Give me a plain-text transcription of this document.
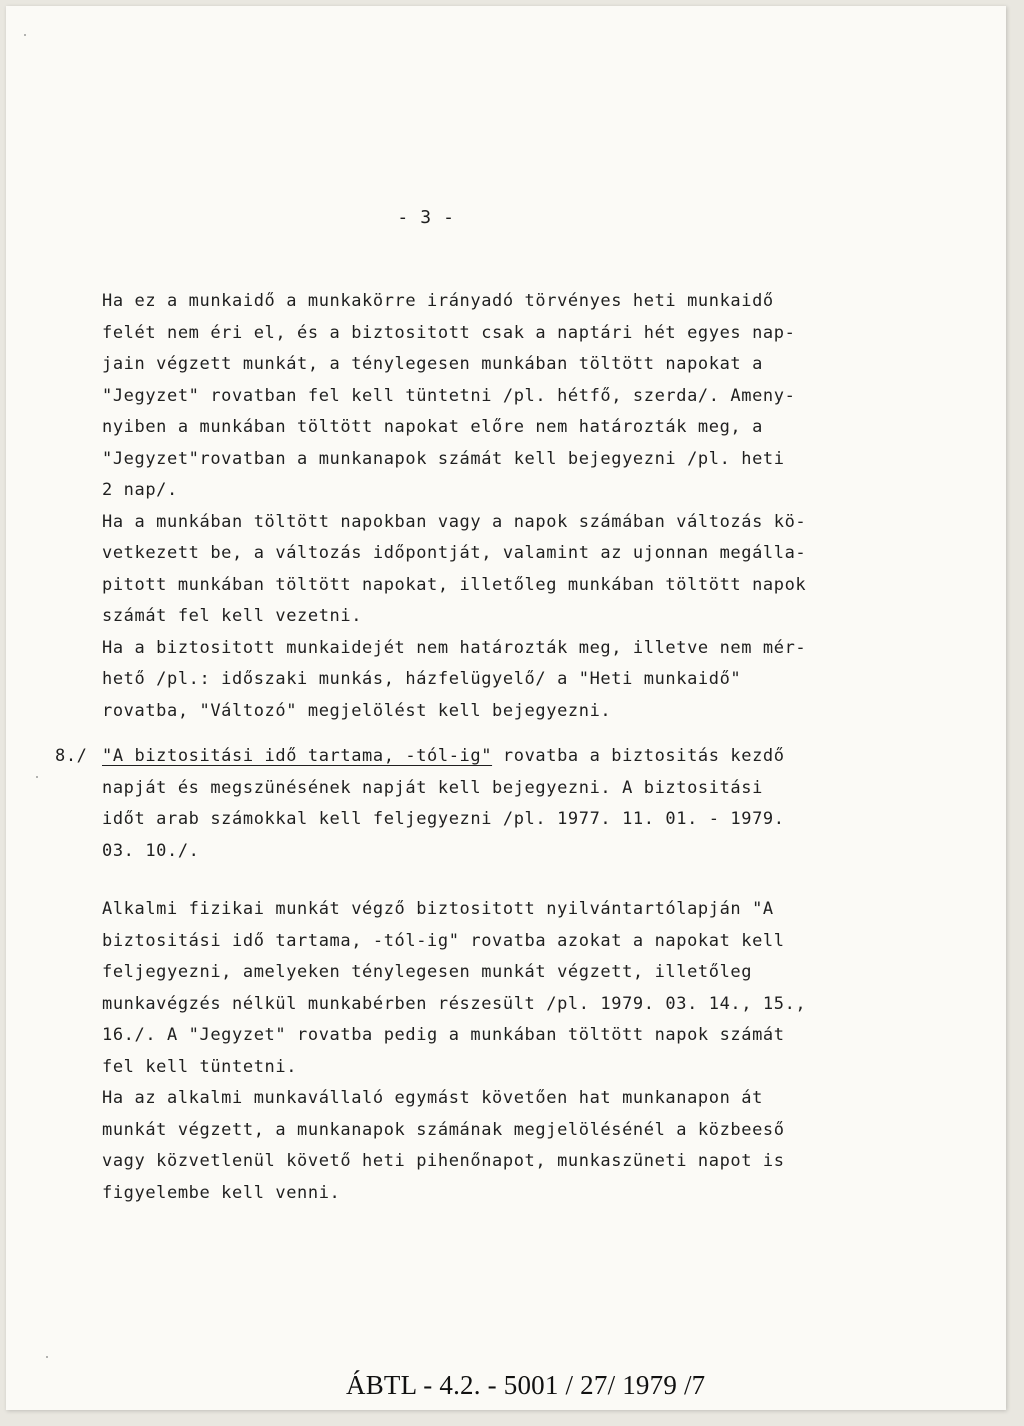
- 3 -
Ha ez a munkaidő a munkakörre irányadó törvényes heti munkaidő
felét nem éri el, és a biztositott csak a naptári hét egyes nap-
jain végzett munkát, a ténylegesen munkában töltött napokat a
"Jegyzet" rovatban fel kell tüntetni /pl. hétfő, szerda/. Ameny-
nyiben a munkában töltött napokat előre nem határozták meg, a
"Jegyzet"rovatban a munkanapok számát kell bejegyezni /pl. heti
2 nap/.
Ha a munkában töltött napokban vagy a napok számában változás kö-
vetkezett be, a változás időpontját, valamint az ujonnan megálla-
pitott munkában töltött napokat, illetőleg munkában töltött napok
számát fel kell vezetni.
Ha a biztositott munkaidejét nem határozták meg, illetve nem mér-
hető /pl.: időszaki munkás, házfelügyelő/ a "Heti munkaidő"
rovatba, "Változó" megjelölést kell bejegyezni.
8./ "A biztositási idő tartama, -tól-ig" rovatba a biztositás kezdő
napját és megszünésének napját kell bejegyezni. A biztositási
időt arab számokkal kell feljegyezni /pl. 1977. 11. 01. - 1979.
03. 10./.
Alkalmi fizikai munkát végző biztositott nyilvántartólapján "A
biztositási idő tartama, -tól-ig" rovatba azokat a napokat kell
feljegyezni, amelyeken ténylegesen munkát végzett, illetőleg
munkavégzés nélkül munkabérben részesült /pl. 1979. 03. 14., 15.,
16./. A "Jegyzet" rovatba pedig a munkában töltött napok számát
fel kell tüntetni.
Ha az alkalmi munkavállaló egymást követően hat munkanapon át
munkát végzett, a munkanapok számának megjelölésénél a közbeeső
vagy közvetlenül követő heti pihenőnapot, munkaszüneti napot is
figyelembe kell venni.
ÁBTL - 4.2. - 5001 / 27/ 1979 /7
